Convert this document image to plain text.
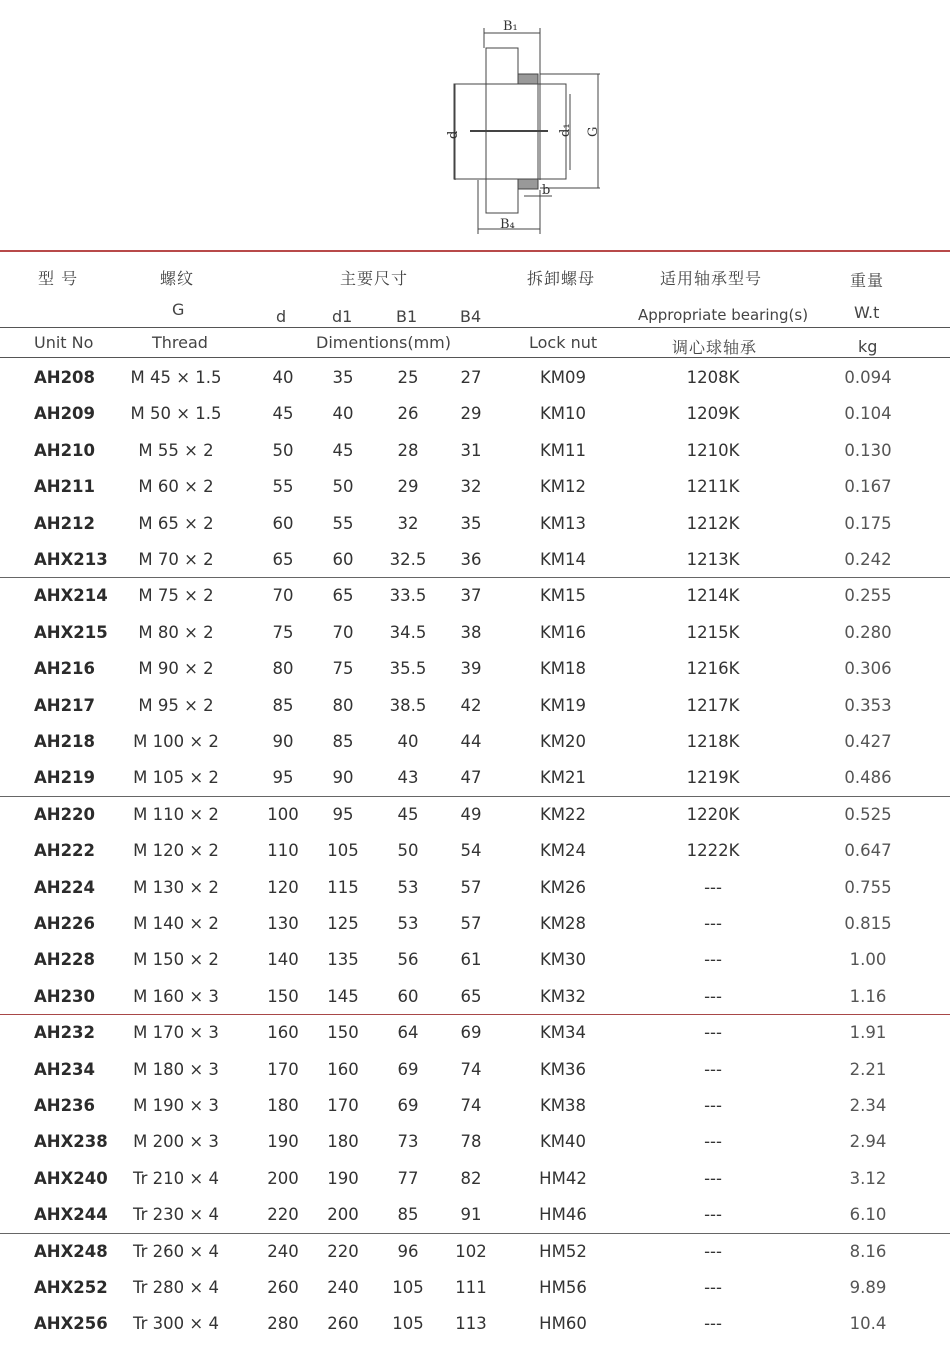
B₁
d	d₁ G
b
B₄
型 号	螺纹	主要尺寸	拆卸螺母	适用轴承型号	重量
G	d	d1	B1	B4	Appropriate bearing(s)	W.t
Unit No	Thread	Dimentions(mm)	Lock nut	调心球轴承	kg
AH208	M 45 × 1.5	40	35	25	27	KM09	1208K	0.094
AH209	M 50 × 1.5	45	40	26	29	KM10	1209K	0.104
AH210	M 55 × 2	50	45	28	31	KM11	1210K	0.130
AH211	M 60 × 2	55	50	29	32	KM12	1211K	0.167
AH212	M 65 × 2	60	55	32	35	KM13	1212K	0.175
AHX213	M 70 × 2	65	60	32.5	36	KM14	1213K	0.242
AHX214	M 75 × 2	70	65	33.5	37	KM15	1214K	0.255
AHX215	M 80 × 2	75	70	34.5	38	KM16	1215K	0.280
AH216	M 90 × 2	80	75	35.5	39	KM18	1216K	0.306
AH217	M 95 × 2	85	80	38.5	42	KM19	1217K	0.353
AH218	M 100 × 2	90	85	40	44	KM20	1218K	0.427
AH219	M 105 × 2	95	90	43	47	KM21	1219K	0.486
AH220	M 110 × 2	100	95	45	49	KM22	1220K	0.525
AH222	M 120 × 2	110	105	50	54	KM24	1222K	0.647
AH224	M 130 × 2	120	115	53	57	KM26	---	0.755
AH226	M 140 × 2	130	125	53	57	KM28	---	0.815
AH228	M 150 × 2	140	135	56	61	KM30	---	1.00
AH230	M 160 × 3	150	145	60	65	KM32	---	1.16
AH232	M 170 × 3	160	150	64	69	KM34	---	1.91
AH234	M 180 × 3	170	160	69	74	KM36	---	2.21
AH236	M 190 × 3	180	170	69	74	KM38	---	2.34
AHX238	M 200 × 3	190	180	73	78	KM40	---	2.94
AHX240	Tr 210 × 4	200	190	77	82	HM42	---	3.12
AHX244	Tr 230 × 4	220	200	85	91	HM46	---	6.10
AHX248	Tr 260 × 4	240	220	96	102	HM52	---	8.16
AHX252	Tr 280 × 4	260	240	105	111	HM56	---	9.89
AHX256	Tr 300 × 4	280	260	105	113	HM60	---	10.4
